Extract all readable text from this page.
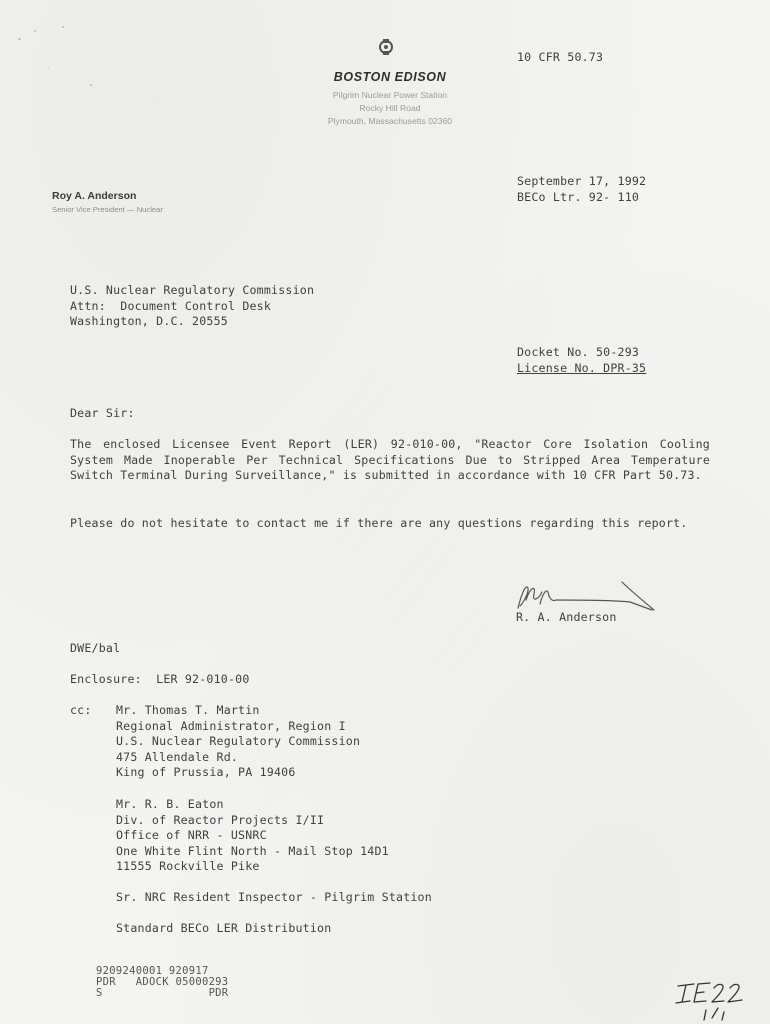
10 CFR 50.73
BOSTON EDISON
Pilgrim Nuclear Power Station
Rocky Hill Road
Plymouth, Massachusetts 02360
Roy A. Anderson
Senior Vice President — Nuclear
September 17, 1992
BECo Ltr. 92- 110
U.S. Nuclear Regulatory Commission
Attn:  Document Control Desk
Washington, D.C. 20555
Docket No. 50-293
License No. DPR-35
Dear Sir:
The enclosed Licensee Event Report (LER) 92-010-00, "Reactor Core Isolation Cooling System Made Inoperable Per Technical Specifications Due to Stripped Area Temperature Switch Terminal During Surveillance," is submitted in accordance with 10 CFR Part 50.73.
Please do not hesitate to contact me if there are any questions regarding this report.
R. A. Anderson
DWE/bal
Enclosure:  LER 92-010-00
cc: Mr. Thomas T. Martin
Regional Administrator, Region I
U.S. Nuclear Regulatory Commission
475 Allendale Rd.
King of Prussia, PA 19406
Mr. R. B. Eaton
Div. of Reactor Projects I/II
Office of NRR - USNRC
One White Flint North - Mail Stop 14D1
11555 Rockville Pike
Sr. NRC Resident Inspector - Pilgrim Station
Standard BECo LER Distribution
9209240001 920917
PDR   ADOCK 05000293
S                PDR
